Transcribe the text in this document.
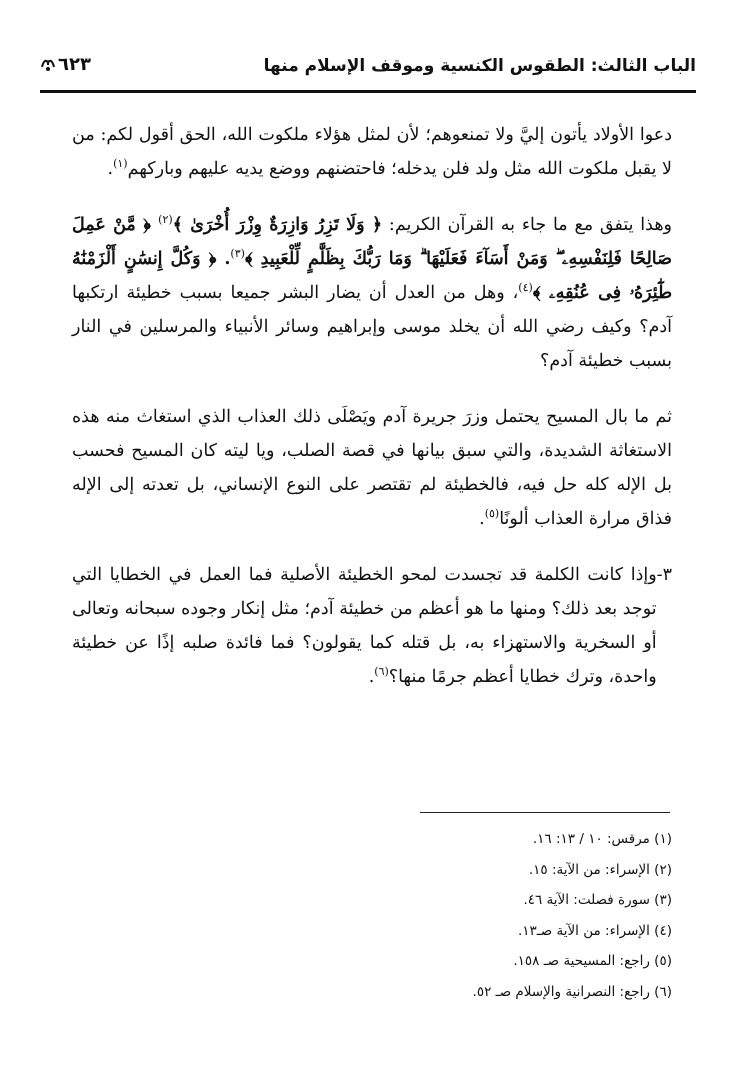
الباب الثالث: الطقوس الكنسية وموقف الإسلام منها
٦٢٣

دعوا الأولاد يأتون إليَّ ولا تمنعوهم؛ لأن لمثل هؤلاء ملكوت الله، الحق أقول لكم: من لا يقبل ملكوت الله مثل ولد فلن يدخله؛ فاحتضنهم ووضع يديه عليهم وباركهم$^{(١)}$.

وهذا يتفق مع ما جاء به القرآن الكريم: ﴿ وَلَا تَزِرُ وَازِرَةٌ وِزْرَ أُخْرَىٰ ﴾$^{(٢)}$ ﴿ مَّنْ عَمِلَ صَالِحًا فَلِنَفْسِهِۦ ۖ وَمَنْ أَسَآءَ فَعَلَيْهَا ۗ وَمَا رَبُّكَ بِظَلَّٰمٍ لِّلْعَبِيدِ ﴾$^{(٣)}$. ﴿ وَكُلَّ إِنسَٰنٍ أَلْزَمْنَٰهُ طَٰٓئِرَهُۥ فِى عُنُقِهِۦ ﴾$^{(٤)}$، وهل من العدل أن يضار البشر جميعا بسبب خطيئة ارتكبها آدم؟ وكيف رضي الله أن يخلد موسى وإبراهيم وسائر الأنبياء والمرسلين في النار بسبب خطيئة آدم؟

ثم ما بال المسيح يحتمل وزرَ جريرة آدم ويَصْلَى ذلك العذاب الذي استغاث منه هذه الاستغاثة الشديدة، والتي سبق بيانها في قصة الصلب، ويا ليته كان المسيح فحسب بل الإله كله حل فيه، فالخطيئة لم تقتصر على النوع الإنساني، بل تعدته إلى الإله فذاق مرارة العذاب ألونًا$^{(٥)}$.

٣-
وإذا كانت الكلمة قد تجسدت لمحو الخطيئة الأصلية فما العمل في الخطايا التي توجد بعد ذلك؟ ومنها ما هو أعظم من خطيئة آدم؛ مثل إنكار وجوده سبحانه وتعالى أو السخرية والاستهزاء به، بل قتله كما يقولون؟ فما فائدة صلبه إذًا عن خطيئة واحدة، وترك خطايا أعظم جرمًا منها؟$^{(٦)}$.
(١) مرقس: ١٠ / ١٣: ١٦.
(٢) الإسراء: من الآية: ١٥.
(٣) سورة فصلت: الآية ٤٦.
(٤) الإسراء: من الآية صـ١٣.
(٥) راجع: المسيحية صـ ١٥٨.
(٦) راجع: النصرانية والإسلام صـ ٥٢.
